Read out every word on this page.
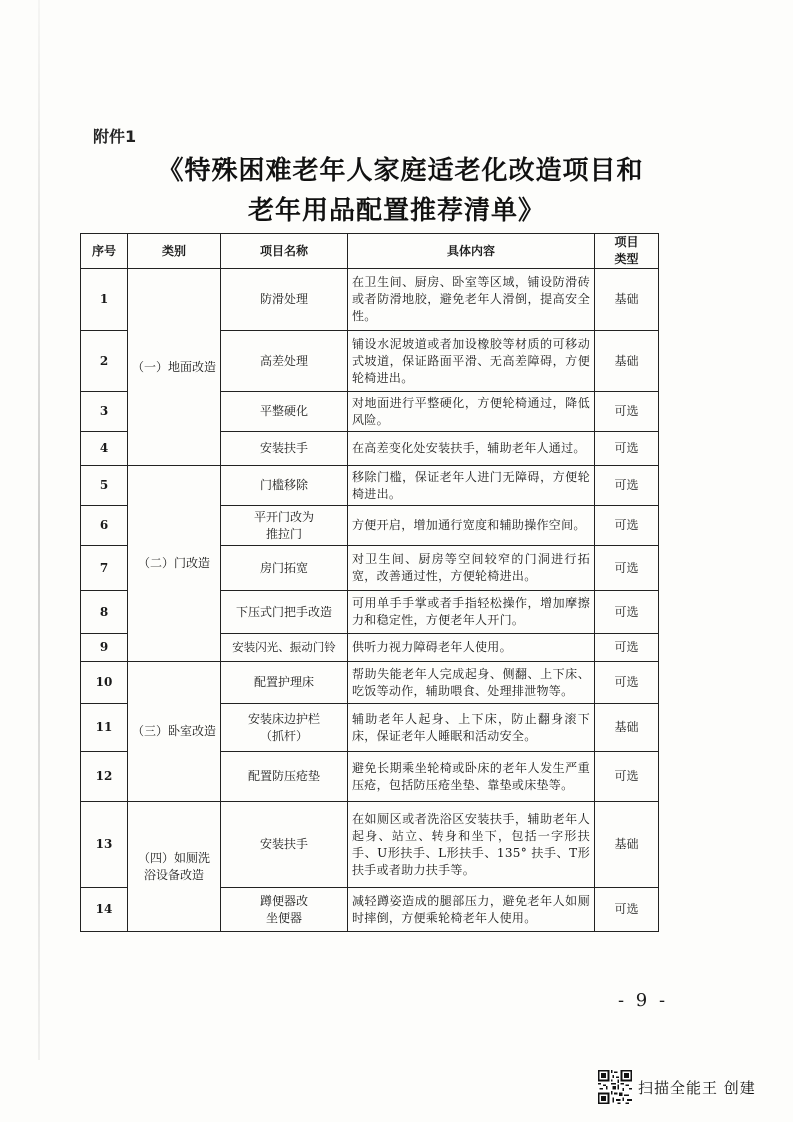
附件1
《特殊困难老年人家庭适老化改造项目和
老年用品配置推荐清单》
序号	类别	项目名称	具体内容	项目类型
1	（一）地面改造	防滑处理	在卫生间、厨房、卧室等区域，铺设防滑砖或者防滑地胶，避免老年人滑倒，提高安全性。	基础
2		高差处理	铺设水泥坡道或者加设橡胶等材质的可移动式坡道，保证路面平滑、无高差障碍，方便轮椅进出。	基础
3		平整硬化	对地面进行平整硬化，方便轮椅通过，降低风险。	可选
4		安装扶手	在高差变化处安装扶手，辅助老年人通过。	可选
5	（二）门改造	门槛移除	移除门槛，保证老年人进门无障碍，方便轮椅进出。	可选
6		平开门改为推拉门	方便开启，增加通行宽度和辅助操作空间。	可选
7		房门拓宽	对卫生间、厨房等空间较窄的门洞进行拓宽，改善通过性，方便轮椅进出。	可选
8		下压式门把手改造	可用单手手掌或者手指轻松操作，增加摩擦力和稳定性，方便老年人开门。	可选
9		安装闪光、振动门铃	供听力视力障碍老年人使用。	可选
10	（三）卧室改造	配置护理床	帮助失能老年人完成起身、侧翻、上下床、吃饭等动作，辅助喂食、处理排泄物等。	可选
11		安装床边护栏（抓杆）	辅助老年人起身、上下床，防止翻身滚下床，保证老年人睡眠和活动安全。	基础
12		配置防压疮垫	避免长期乘坐轮椅或卧床的老年人发生严重压疮，包括防压疮坐垫、靠垫或床垫等。	可选
13	（四）如厕洗浴设备改造	安装扶手	在如厕区或者洗浴区安装扶手，辅助老年人起身、站立、转身和坐下，包括一字形扶手、U形扶手、L形扶手、135° 扶手、T形扶手或者助力扶手等。	基础
14		蹲便器改坐便器	减轻蹲姿造成的腿部压力，避免老年人如厕时摔倒，方便乘轮椅老年人使用。	可选
- 9 -
扫描全能王 创建
